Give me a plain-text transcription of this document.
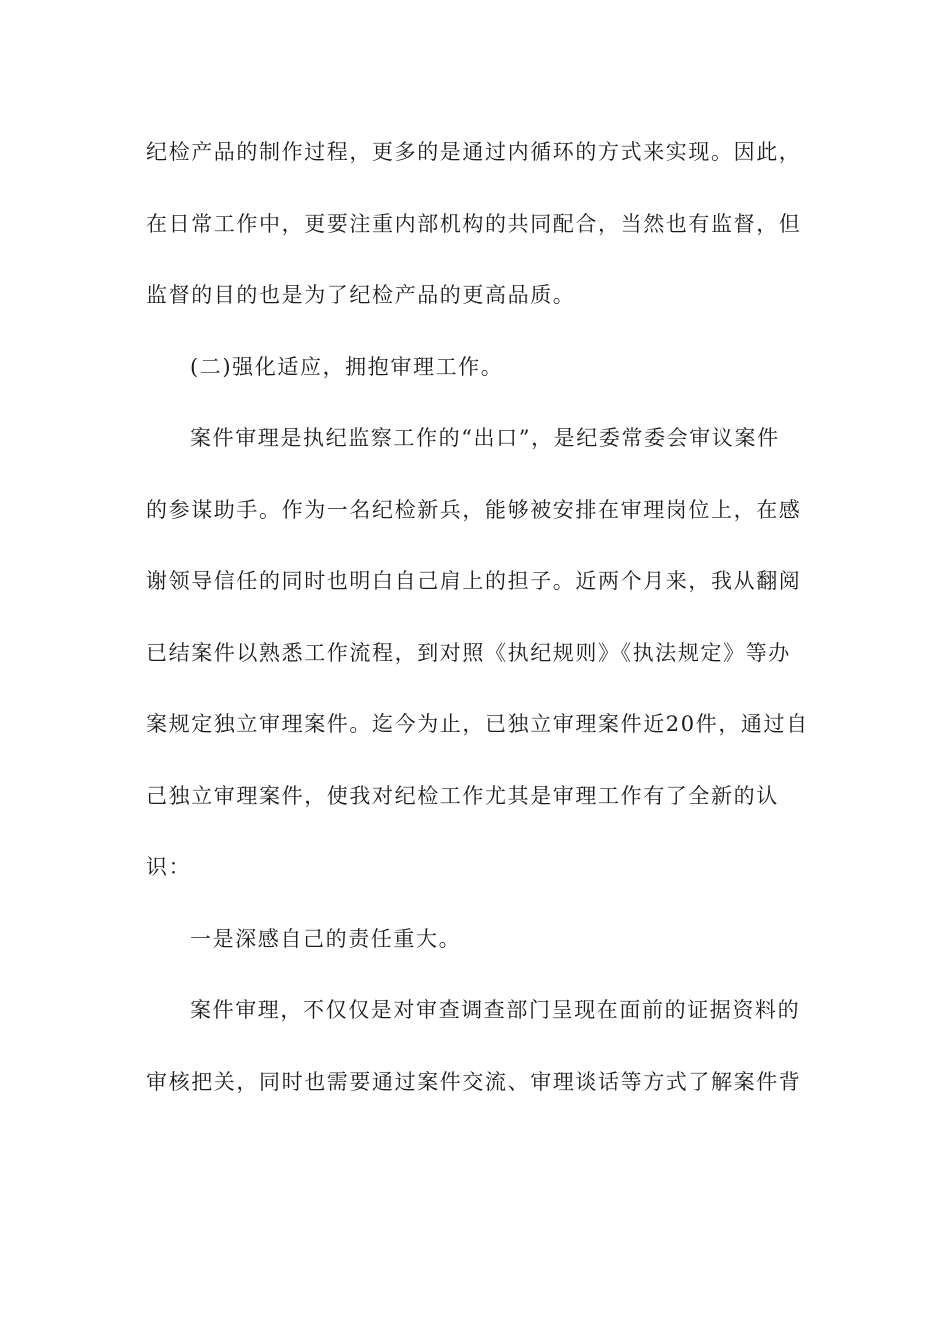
纪检产品的制作过程，更多的是通过内循环的方式来实现。因此，
在日常工作中，更要注重内部机构的共同配合，当然也有监督，但
监督的目的也是为了纪检产品的更高品质。
(二)强化适应，拥抱审理工作。
案件审理是执纪监察工作的“出口”，是纪委常委会审议案件
的参谋助手。作为一名纪检新兵，能够被安排在审理岗位上，在感
谢领导信任的同时也明白自己肩上的担子。近两个月来，我从翻阅
已结案件以熟悉工作流程，到对照《执纪规则》《执法规定》等办
案规定独立审理案件。迄今为止，已独立审理案件近20件，通过自
己独立审理案件，使我对纪检工作尤其是审理工作有了全新的认
识：
一是深感自己的责任重大。
案件审理，不仅仅是对审查调查部门呈现在面前的证据资料的
审核把关，同时也需要通过案件交流、审理谈话等方式了解案件背
